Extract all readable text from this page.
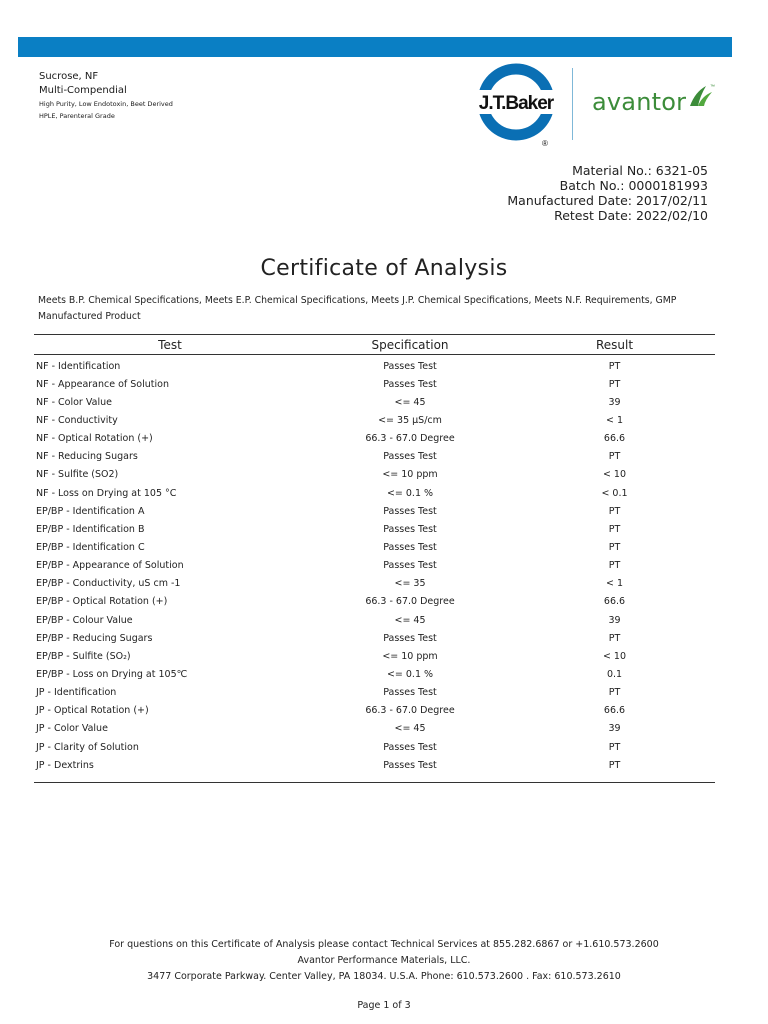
Sucrose, NF
Multi-Compendial
High Purity, Low Endotoxin, Beet Derived
HPLE, Parenteral Grade
J.T.Baker
®
avantor
™
Material No.: 6321-05
Batch No.: 0000181993
Manufactured Date: 2017/02/11
Retest Date: 2022/02/10
Certificate of Analysis
Meets B.P. Chemical Specifications, Meets E.P. Chemical Specifications, Meets J.P. Chemical Specifications, Meets N.F. Requirements, GMP Manufactured Product
Test	Specification	Result
NF - Identification	Passes Test	PT
NF - Appearance of Solution	Passes Test	PT
NF - Color Value	<= 45	39
NF - Conductivity	<= 35 µS/cm	< 1
NF - Optical Rotation (+)	66.3 - 67.0 Degree	66.6
NF - Reducing Sugars	Passes Test	PT
NF - Sulfite (SO2)	<= 10 ppm	< 10
NF - Loss on Drying at 105 °C	<= 0.1 %	< 0.1
EP/BP - Identification A	Passes Test	PT
EP/BP - Identification B	Passes Test	PT
EP/BP - Identification C	Passes Test	PT
EP/BP - Appearance of Solution	Passes Test	PT
EP/BP - Conductivity, uS cm -1	<= 35	< 1
EP/BP - Optical Rotation (+)	66.3 - 67.0 Degree	66.6
EP/BP - Colour Value	<= 45	39
EP/BP - Reducing Sugars	Passes Test	PT
EP/BP - Sulfite (SO₂)	<= 10 ppm	< 10
EP/BP - Loss on Drying at 105℃	<= 0.1 %	0.1
JP - Identification	Passes Test	PT
JP - Optical Rotation (+)	66.3 - 67.0 Degree	66.6
JP - Color Value	<= 45	39
JP - Clarity of Solution	Passes Test	PT
JP - Dextrins	Passes Test	PT
For questions on this Certificate of Analysis please contact Technical Services at 855.282.6867 or +1.610.573.2600
Avantor Performance Materials, LLC.
3477 Corporate Parkway. Center Valley, PA 18034. U.S.A. Phone: 610.573.2600 . Fax: 610.573.2610
Page 1 of 3
